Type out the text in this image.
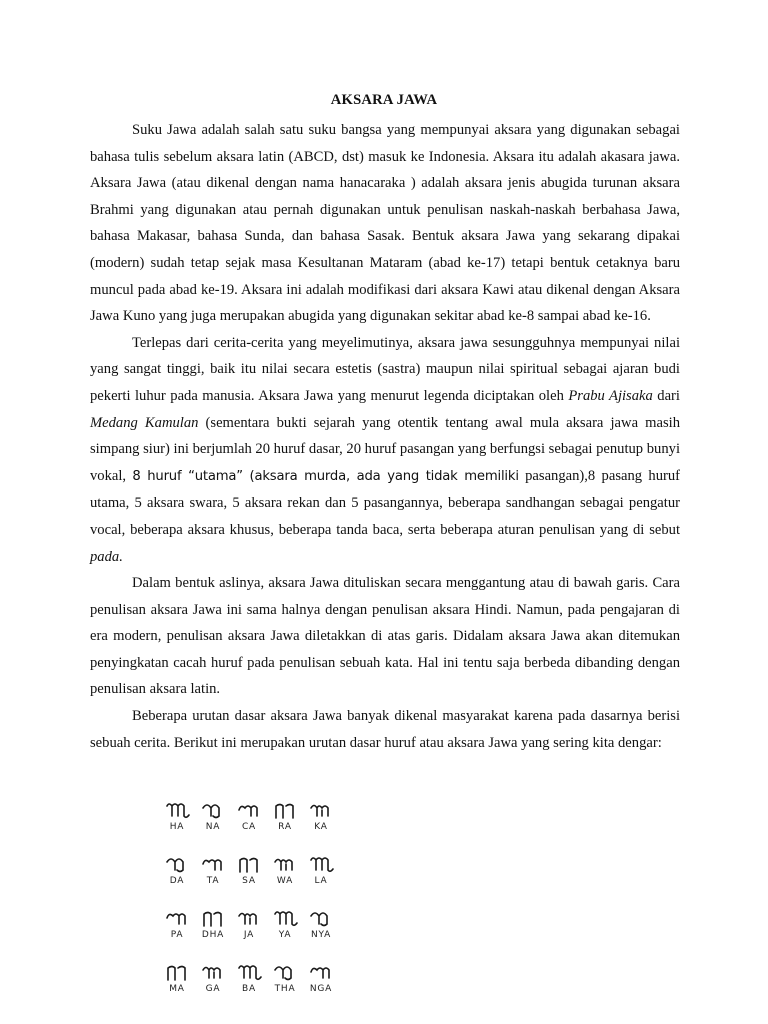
AKSARA JAWA

Suku Jawa adalah salah satu suku bangsa yang mempunyai aksara yang digunakan sebagai bahasa tulis sebelum aksara latin (ABCD, dst) masuk ke Indonesia. Aksara itu adalah akasara jawa. Aksara Jawa (atau dikenal dengan nama hanacaraka ) adalah aksara jenis abugida turunan aksara Brahmi yang digunakan atau pernah digunakan untuk penulisan naskah-naskah berbahasa Jawa, bahasa Makasar, bahasa Sunda, dan bahasa Sasak. Bentuk aksara Jawa yang sekarang dipakai (modern) sudah tetap sejak masa Kesultanan Mataram (abad ke-17) tetapi bentuk cetaknya baru muncul pada abad ke-19. Aksara ini adalah modifikasi dari aksara Kawi atau dikenal dengan Aksara Jawa Kuno yang juga merupakan abugida yang digunakan sekitar abad ke-8 sampai abad ke-16.

Terlepas dari cerita-cerita yang meyelimutinya, aksara jawa sesungguhnya mempunyai nilai yang sangat tinggi, baik itu nilai secara estetis (sastra) maupun nilai spiritual sebagai ajaran budi pekerti luhur pada manusia. Aksara Jawa yang menurut legenda diciptakan oleh Prabu Ajisaka dari Medang Kamulan (sementara bukti sejarah yang otentik tentang awal mula aksara jawa masih simpang siur) ini berjumlah 20 huruf dasar, 20 huruf pasangan yang berfungsi sebagai penutup bunyi vokal, 8 huruf “utama” (aksara murda, ada yang tidak memiliki pasangan),8 pasang huruf utama, 5 aksara swara, 5 aksara rekan dan 5 pasangannya, beberapa sandhangan sebagai pengatur vocal, beberapa aksara khusus, beberapa tanda baca, serta beberapa aturan penulisan yang di sebut pada.

Dalam bentuk aslinya, aksara Jawa dituliskan secara menggantung atau di bawah garis. Cara penulisan aksara Jawa ini sama halnya dengan penulisan aksara Hindi. Namun, pada pengajaran di era modern, penulisan aksara Jawa diletakkan di atas garis. Didalam aksara Jawa akan ditemukan penyingkatan cacah huruf pada penulisan sebuah kata. Hal ini tentu saja berbeda dibanding dengan penulisan aksara latin.

Beberapa urutan dasar aksara Jawa banyak dikenal masyarakat karena pada dasarnya berisi sebuah cerita. Berikut ini merupakan urutan dasar huruf atau aksara Jawa yang sering kita dengar:

HA	NA	CA	RA	KA
DA	TA	SA	WA	LA
PA	DHA	JA	YA	NYA
MA	GA	BA	THA	NGA
